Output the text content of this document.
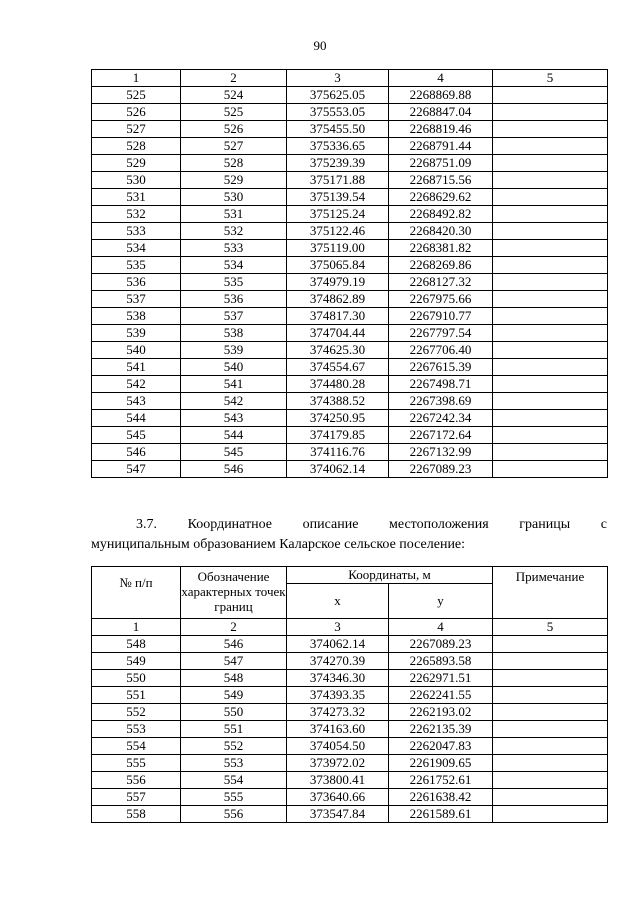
90
1	2	3	4	5
525	524	375625.05	2268869.88	
526	525	375553.05	2268847.04	
527	526	375455.50	2268819.46	
528	527	375336.65	2268791.44	
529	528	375239.39	2268751.09	
530	529	375171.88	2268715.56	
531	530	375139.54	2268629.62	
532	531	375125.24	2268492.82	
533	532	375122.46	2268420.30	
534	533	375119.00	2268381.82	
535	534	375065.84	2268269.86	
536	535	374979.19	2268127.32	
537	536	374862.89	2267975.66	
538	537	374817.30	2267910.77	
539	538	374704.44	2267797.54	
540	539	374625.30	2267706.40	
541	540	374554.67	2267615.39	
542	541	374480.28	2267498.71	
543	542	374388.52	2267398.69	
544	543	374250.95	2267242.34	
545	544	374179.85	2267172.64	
546	545	374116.76	2267132.99	
547	546	374062.14	2267089.23	
3.7. Координатное описание местоположения границы с
муниципальным образованием Каларское сельское поселение:
№ п/п	Обозначение характерных точек границ	Координаты, м		Примечание
		x	y	
1	2	3	4	5
548	546	374062.14	2267089.23	
549	547	374270.39	2265893.58	
550	548	374346.30	2262971.51	
551	549	374393.35	2262241.55	
552	550	374273.32	2262193.02	
553	551	374163.60	2262135.39	
554	552	374054.50	2262047.83	
555	553	373972.02	2261909.65	
556	554	373800.41	2261752.61	
557	555	373640.66	2261638.42	
558	556	373547.84	2261589.61	
